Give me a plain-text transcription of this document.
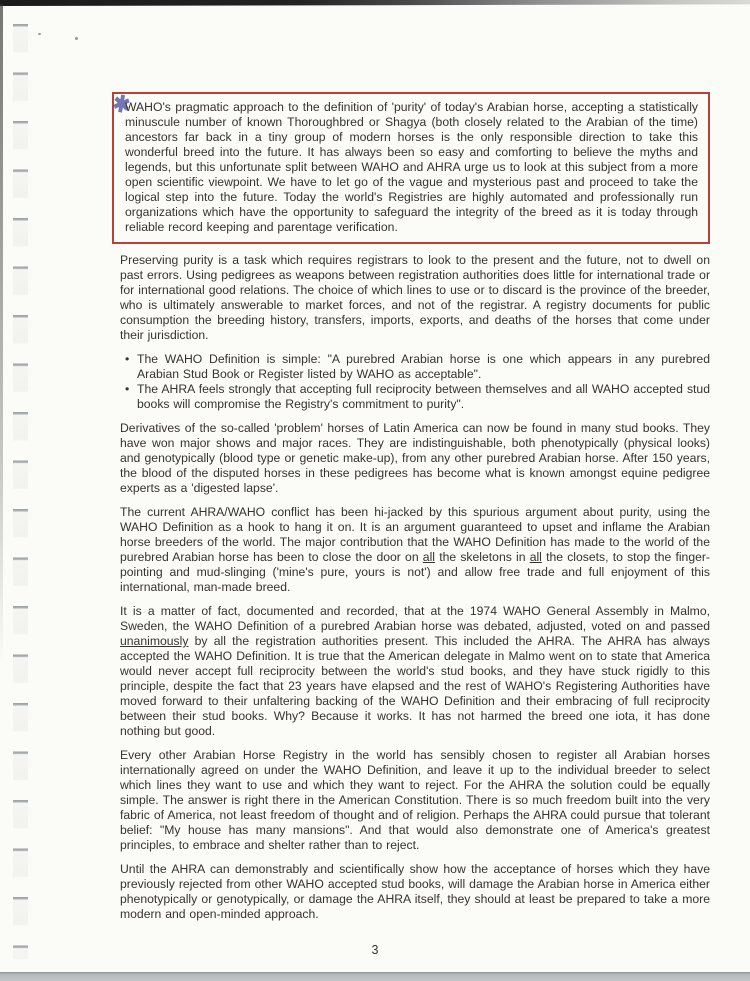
✱
WAHO's pragmatic approach to the definition of 'purity' of today's Arabian horse, accepting a statistically minuscule number of known Thoroughbred or Shagya (both closely related to the Arabian of the time) ancestors far back in a tiny group of modern horses is the only responsible direction to take this wonderful breed into the future. It has always been so easy and comforting to believe the myths and legends, but this unfortunate split between WAHO and AHRA urge us to look at this subject from a more open scientific viewpoint. We have to let go of the vague and mysterious past and proceed to take the logical step into the future. Today the world's Registries are highly automated and professionally run organizations which have the opportunity to safeguard the integrity of the breed as it is today through reliable record keeping and parentage verification.
Preserving purity is a task which requires registrars to look to the present and the future, not to dwell on past errors. Using pedigrees as weapons between registration authorities does little for international trade or for international good relations. The choice of which lines to use or to discard is the province of the breeder, who is ultimately answerable to market forces, and not of the registrar. A registry documents for public consumption the breeding history, transfers, imports, exports, and deaths of the horses that come under their jurisdiction.
• The WAHO Definition is simple: "A purebred Arabian horse is one which appears in any purebred Arabian Stud Book or Register listed by WAHO as acceptable".
• The AHRA feels strongly that accepting full reciprocity between themselves and all WAHO accepted stud books will compromise the Registry's commitment to purity".
Derivatives of the so-called 'problem' horses of Latin America can now be found in many stud books. They have won major shows and major races. They are indistinguishable, both phenotypically (physical looks) and genotypically (blood type or genetic make-up), from any other purebred Arabian horse. After 150 years, the blood of the disputed horses in these pedigrees has become what is known amongst equine pedigree experts as a 'digested lapse'.
The current AHRA/WAHO conflict has been hi-jacked by this spurious argument about purity, using the WAHO Definition as a hook to hang it on. It is an argument guaranteed to upset and inflame the Arabian horse breeders of the world. The major contribution that the WAHO Definition has made to the world of the purebred Arabian horse has been to close the door on all the skeletons in all the closets, to stop the finger-pointing and mud-slinging ('mine's pure, yours is not') and allow free trade and full enjoyment of this international, man-made breed.
It is a matter of fact, documented and recorded, that at the 1974 WAHO General Assembly in Malmo, Sweden, the WAHO Definition of a purebred Arabian horse was debated, adjusted, voted on and passed unanimously by all the registration authorities present. This included the AHRA. The AHRA has always accepted the WAHO Definition. It is true that the American delegate in Malmo went on to state that America would never accept full reciprocity between the world's stud books, and they have stuck rigidly to this principle, despite the fact that 23 years have elapsed and the rest of WAHO's Registering Authorities have moved forward to their unfaltering backing of the WAHO Definition and their embracing of full reciprocity between their stud books. Why? Because it works. It has not harmed the breed one iota, it has done nothing but good.
Every other Arabian Horse Registry in the world has sensibly chosen to register all Arabian horses internationally agreed on under the WAHO Definition, and leave it up to the individual breeder to select which lines they want to use and which they want to reject. For the AHRA the solution could be equally simple. The answer is right there in the American Constitution. There is so much freedom built into the very fabric of America, not least freedom of thought and of religion. Perhaps the AHRA could pursue that tolerant belief: "My house has many mansions". And that would also demonstrate one of America's greatest principles, to embrace and shelter rather than to reject.
Until the AHRA can demonstrably and scientifically show how the acceptance of horses which they have previously rejected from other WAHO accepted stud books, will damage the Arabian horse in America either phenotypically or genotypically, or damage the AHRA itself, they should at least be prepared to take a more modern and open-minded approach.
3
